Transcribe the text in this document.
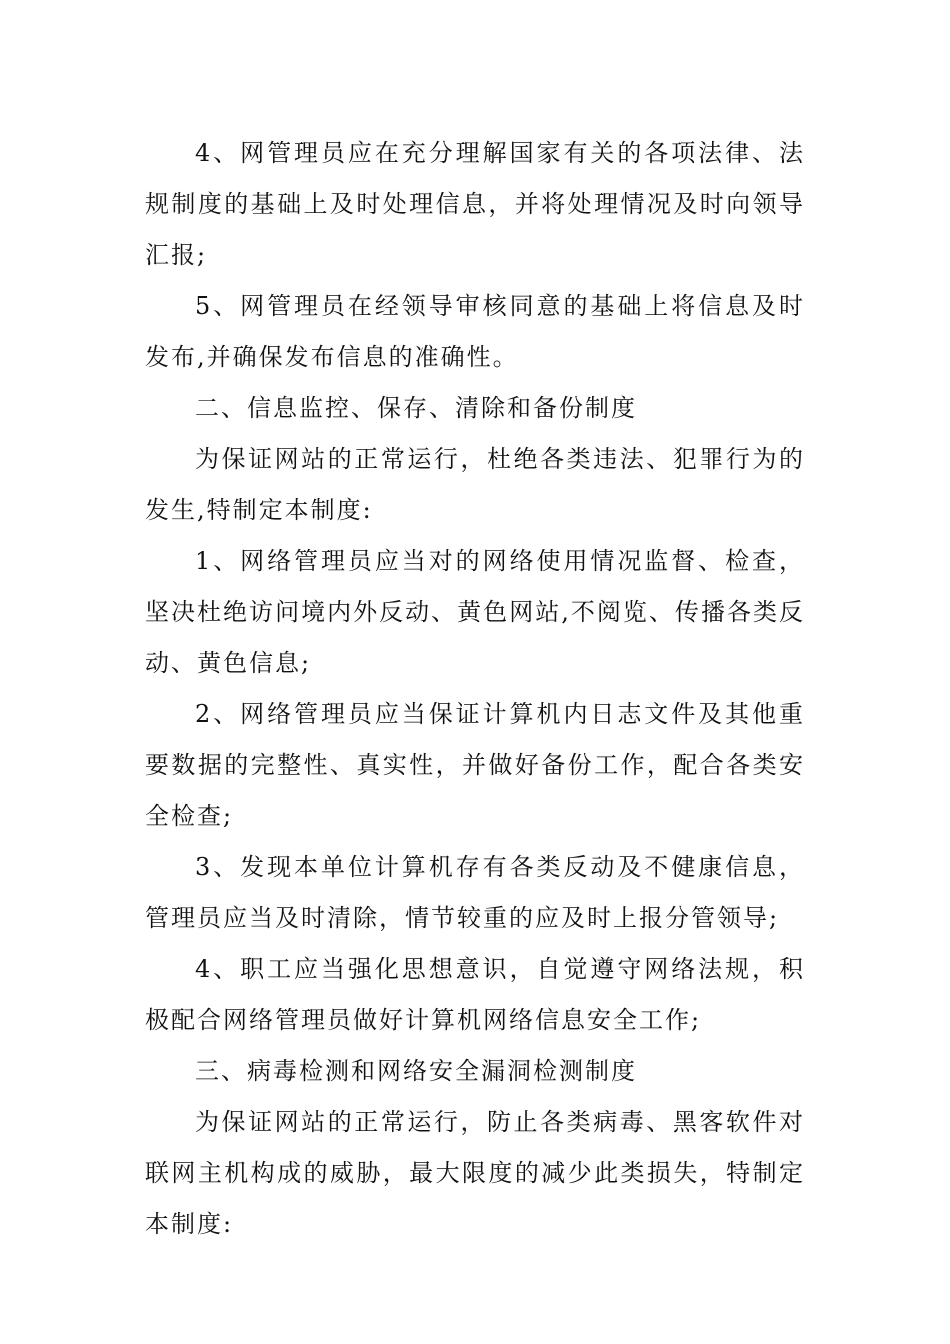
4、网管理员应在充分理解国家有关的各项法律、法规制度的基础上及时处理信息，并将处理情况及时向领导汇报;

5、网管理员在经领导审核同意的基础上将信息及时发布,并确保发布信息的准确性。

二、信息监控、保存、清除和备份制度

为保证网站的正常运行，杜绝各类违法、犯罪行为的发生,特制定本制度:

1、网络管理员应当对的网络使用情况监督、检查，坚决杜绝访问境内外反动、黄色网站,不阅览、传播各类反动、黄色信息;

2、网络管理员应当保证计算机内日志文件及其他重要数据的完整性、真实性，并做好备份工作，配合各类安全检查;

3、发现本单位计算机存有各类反动及不健康信息，管理员应当及时清除，情节较重的应及时上报分管领导;

4、职工应当强化思想意识，自觉遵守网络法规，积极配合网络管理员做好计算机网络信息安全工作;

三、病毒检测和网络安全漏洞检测制度

为保证网站的正常运行，防止各类病毒、黑客软件对联网主机构成的威胁，最大限度的减少此类损失，特制定本制度:
